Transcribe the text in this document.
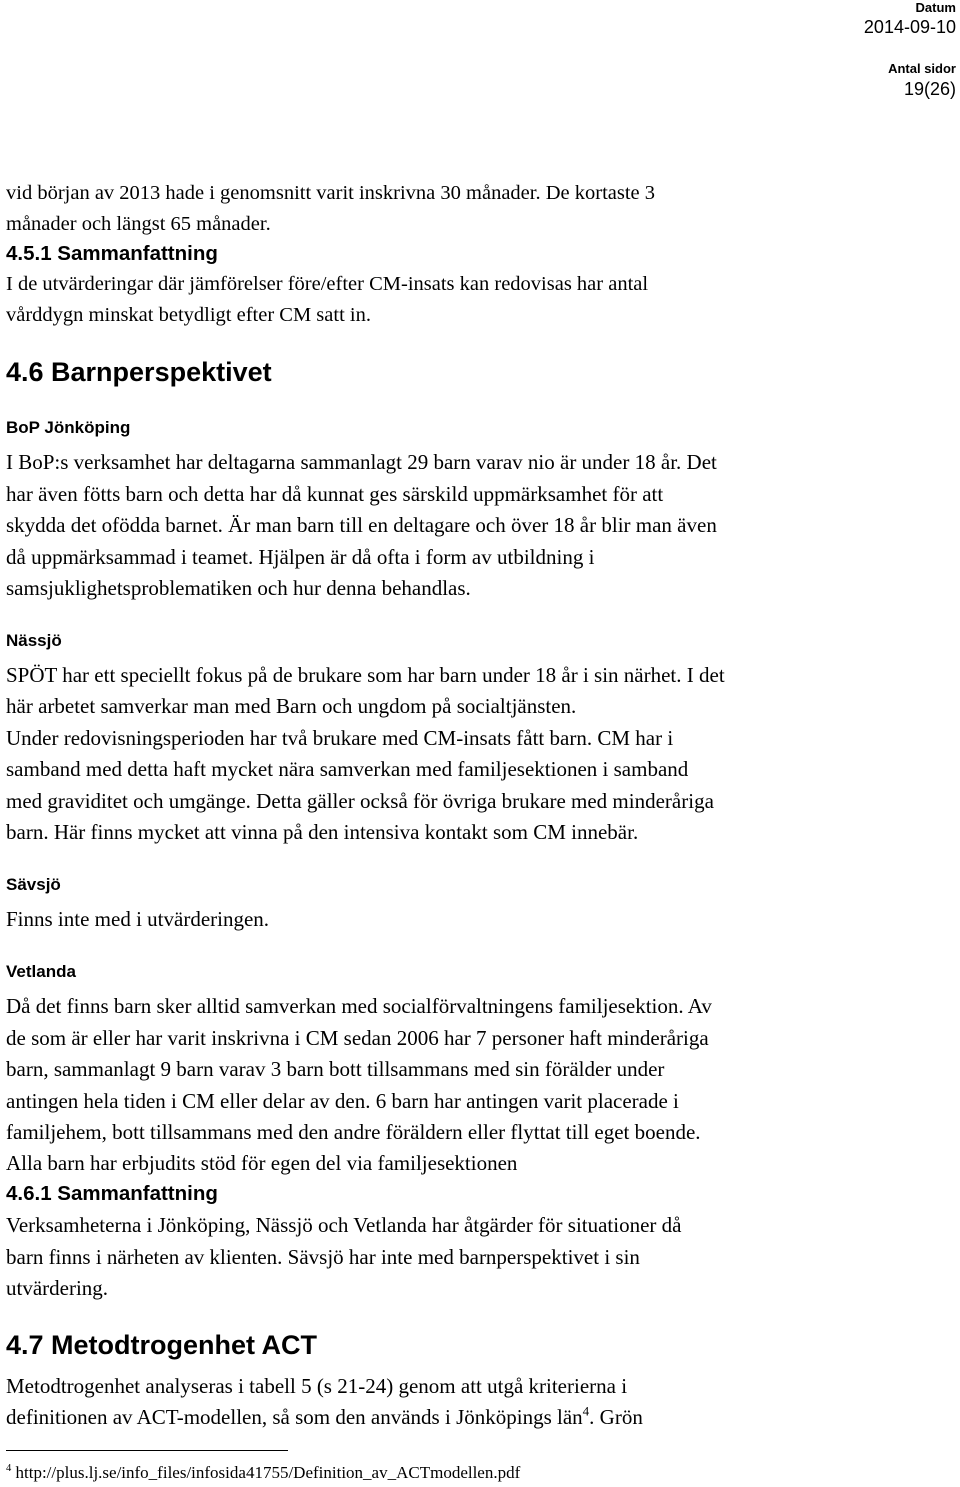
Datum
2014-09-10
Antal sidor
19(26)
vid början av 2013 hade i genomsnitt varit inskrivna 30 månader. De kortaste 3
månader och längst 65 månader.
4.5.1 Sammanfattning
I de utvärderingar där jämförelser före/efter CM-insats kan redovisas har antal
vårddygn minskat betydligt efter CM satt in.
4.6 Barnperspektivet
BoP Jönköping
I BoP:s verksamhet har deltagarna sammanlagt 29 barn varav nio är under 18 år. Det
har även fötts barn och detta har då kunnat ges särskild uppmärksamhet för att
skydda det ofödda barnet. Är man barn till en deltagare och över 18 år blir man även
då uppmärksammad i teamet. Hjälpen är då ofta i form av utbildning i
samsjuklighetsproblematiken och hur denna behandlas.
Nässjö
SPÖT har ett speciellt fokus på de brukare som har barn under 18 år i sin närhet. I det
här arbetet samverkar man med Barn och ungdom på socialtjänsten.
Under redovisningsperioden har två brukare med CM-insats fått barn. CM har i
samband med detta haft mycket nära samverkan med familjesektionen i samband
med graviditet och umgänge. Detta gäller också för övriga brukare med minderåriga
barn. Här finns mycket att vinna på den intensiva kontakt som CM innebär.
Sävsjö
Finns inte med i utvärderingen.
Vetlanda
Då det finns barn sker alltid samverkan med socialförvaltningens familjesektion. Av
de som är eller har varit inskrivna i CM sedan 2006 har 7 personer haft minderåriga
barn, sammanlagt 9 barn varav 3 barn bott tillsammans med sin förälder under
antingen hela tiden i CM eller delar av den. 6 barn har antingen varit placerade i
familjehem, bott tillsammans med den andre föräldern eller flyttat till eget boende.
Alla barn har erbjudits stöd för egen del via familjesektionen
4.6.1 Sammanfattning
Verksamheterna i Jönköping, Nässjö och Vetlanda har åtgärder för situationer då
barn finns i närheten av klienten. Sävsjö har inte med barnperspektivet i sin
utvärdering.
4.7 Metodtrogenhet ACT
Metodtrogenhet analyseras i tabell 5 (s 21-24) genom att utgå kriterierna i
definitionen av ACT-modellen, så som den används i Jönköpings län$^4$. Grön
$^4$ http://plus.lj.se/info_files/infosida41755/Definition_av_ACTmodellen.pdf
